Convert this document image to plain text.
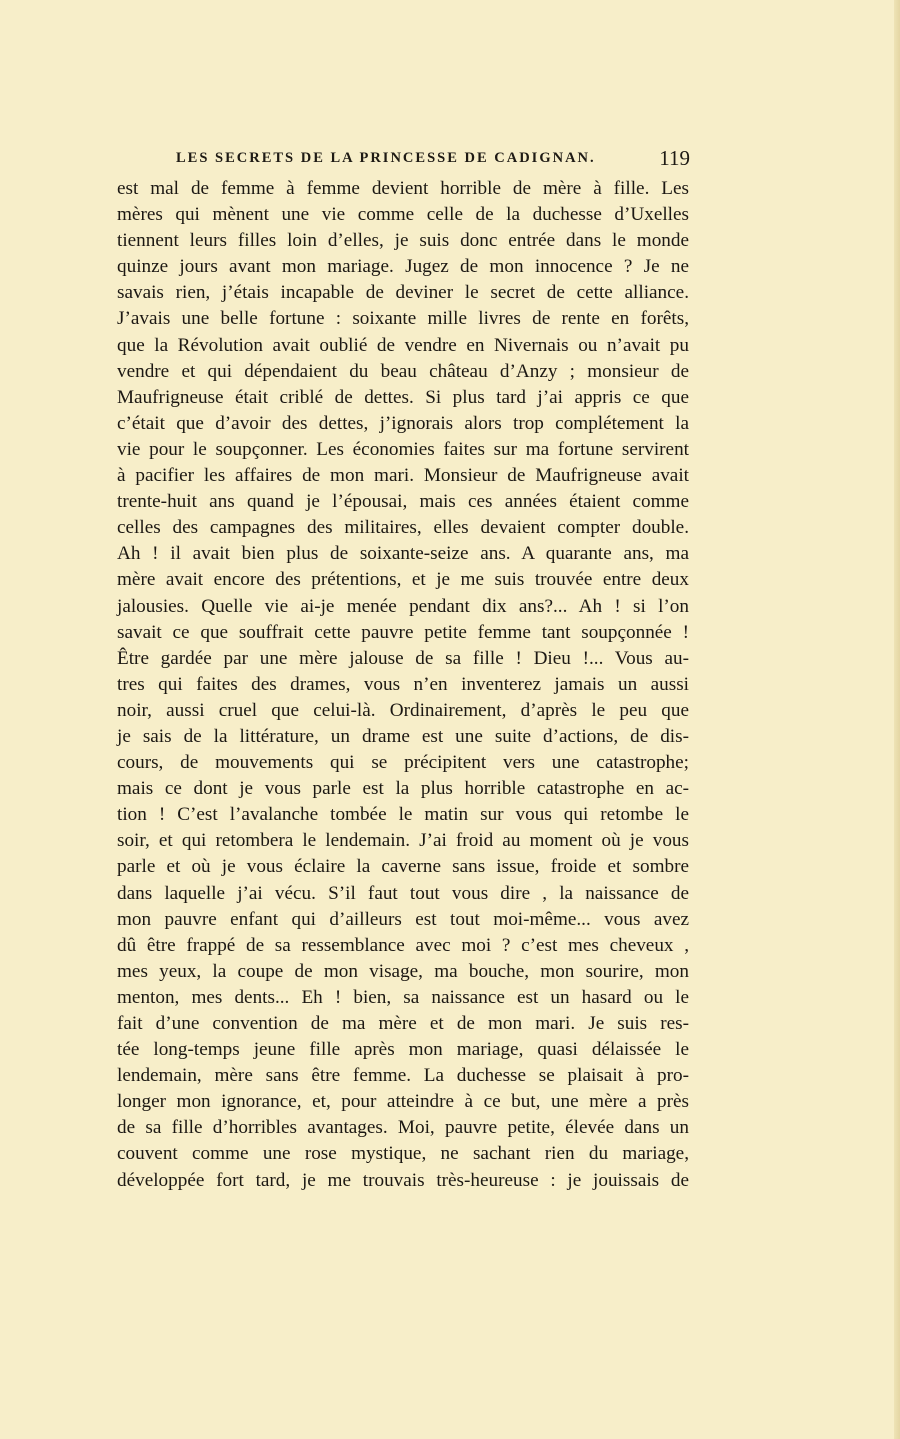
LES SECRETS DE LA PRINCESSE DE CADIGNAN.	119
est mal de femme à femme devient horrible de mère à fille. Les
mères qui mènent une vie comme celle de la duchesse d’Uxelles
tiennent leurs filles loin d’elles, je suis donc entrée dans le monde
quinze jours avant mon mariage. Jugez de mon innocence ? Je ne
savais rien, j’étais incapable de deviner le secret de cette alliance.
J’avais une belle fortune : soixante mille livres de rente en forêts,
que la Révolution avait oublié de vendre en Nivernais ou n’avait pu
vendre et qui dépendaient du beau château d’Anzy ; monsieur de
Maufrigneuse était criblé de dettes. Si plus tard j’ai appris ce que
c’était que d’avoir des dettes, j’ignorais alors trop complétement la
vie pour le soupçonner. Les économies faites sur ma fortune servirent
à pacifier les affaires de mon mari. Monsieur de Maufrigneuse avait
trente-huit ans quand je l’épousai, mais ces années étaient comme
celles des campagnes des militaires, elles devaient compter double.
Ah ! il avait bien plus de soixante-seize ans. A quarante ans, ma
mère avait encore des prétentions, et je me suis trouvée entre deux
jalousies. Quelle vie ai-je menée pendant dix ans?... Ah ! si l’on
savait ce que souffrait cette pauvre petite femme tant soupçonnée !
Être gardée par une mère jalouse de sa fille ! Dieu !... Vous au-
tres qui faites des drames, vous n’en inventerez jamais un aussi
noir, aussi cruel que celui-là. Ordinairement, d’après le peu que
je sais de la littérature, un drame est une suite d’actions, de dis-
cours, de mouvements qui se précipitent vers une catastrophe;
mais ce dont je vous parle est la plus horrible catastrophe en ac-
tion ! C’est l’avalanche tombée le matin sur vous qui retombe le
soir, et qui retombera le lendemain. J’ai froid au moment où je vous
parle et où je vous éclaire la caverne sans issue, froide et sombre
dans laquelle j’ai vécu. S’il faut tout vous dire , la naissance de
mon pauvre enfant qui d’ailleurs est tout moi-même... vous avez
dû être frappé de sa ressemblance avec moi ? c’est mes cheveux ,
mes yeux, la coupe de mon visage, ma bouche, mon sourire, mon
menton, mes dents... Eh ! bien, sa naissance est un hasard ou le
fait d’une convention de ma mère et de mon mari. Je suis res-
tée long-temps jeune fille après mon mariage, quasi délaissée le
lendemain, mère sans être femme. La duchesse se plaisait à pro-
longer mon ignorance, et, pour atteindre à ce but, une mère a près
de sa fille d’horribles avantages. Moi, pauvre petite, élevée dans un
couvent comme une rose mystique, ne sachant rien du mariage,
développée fort tard, je me trouvais très-heureuse : je jouissais de
